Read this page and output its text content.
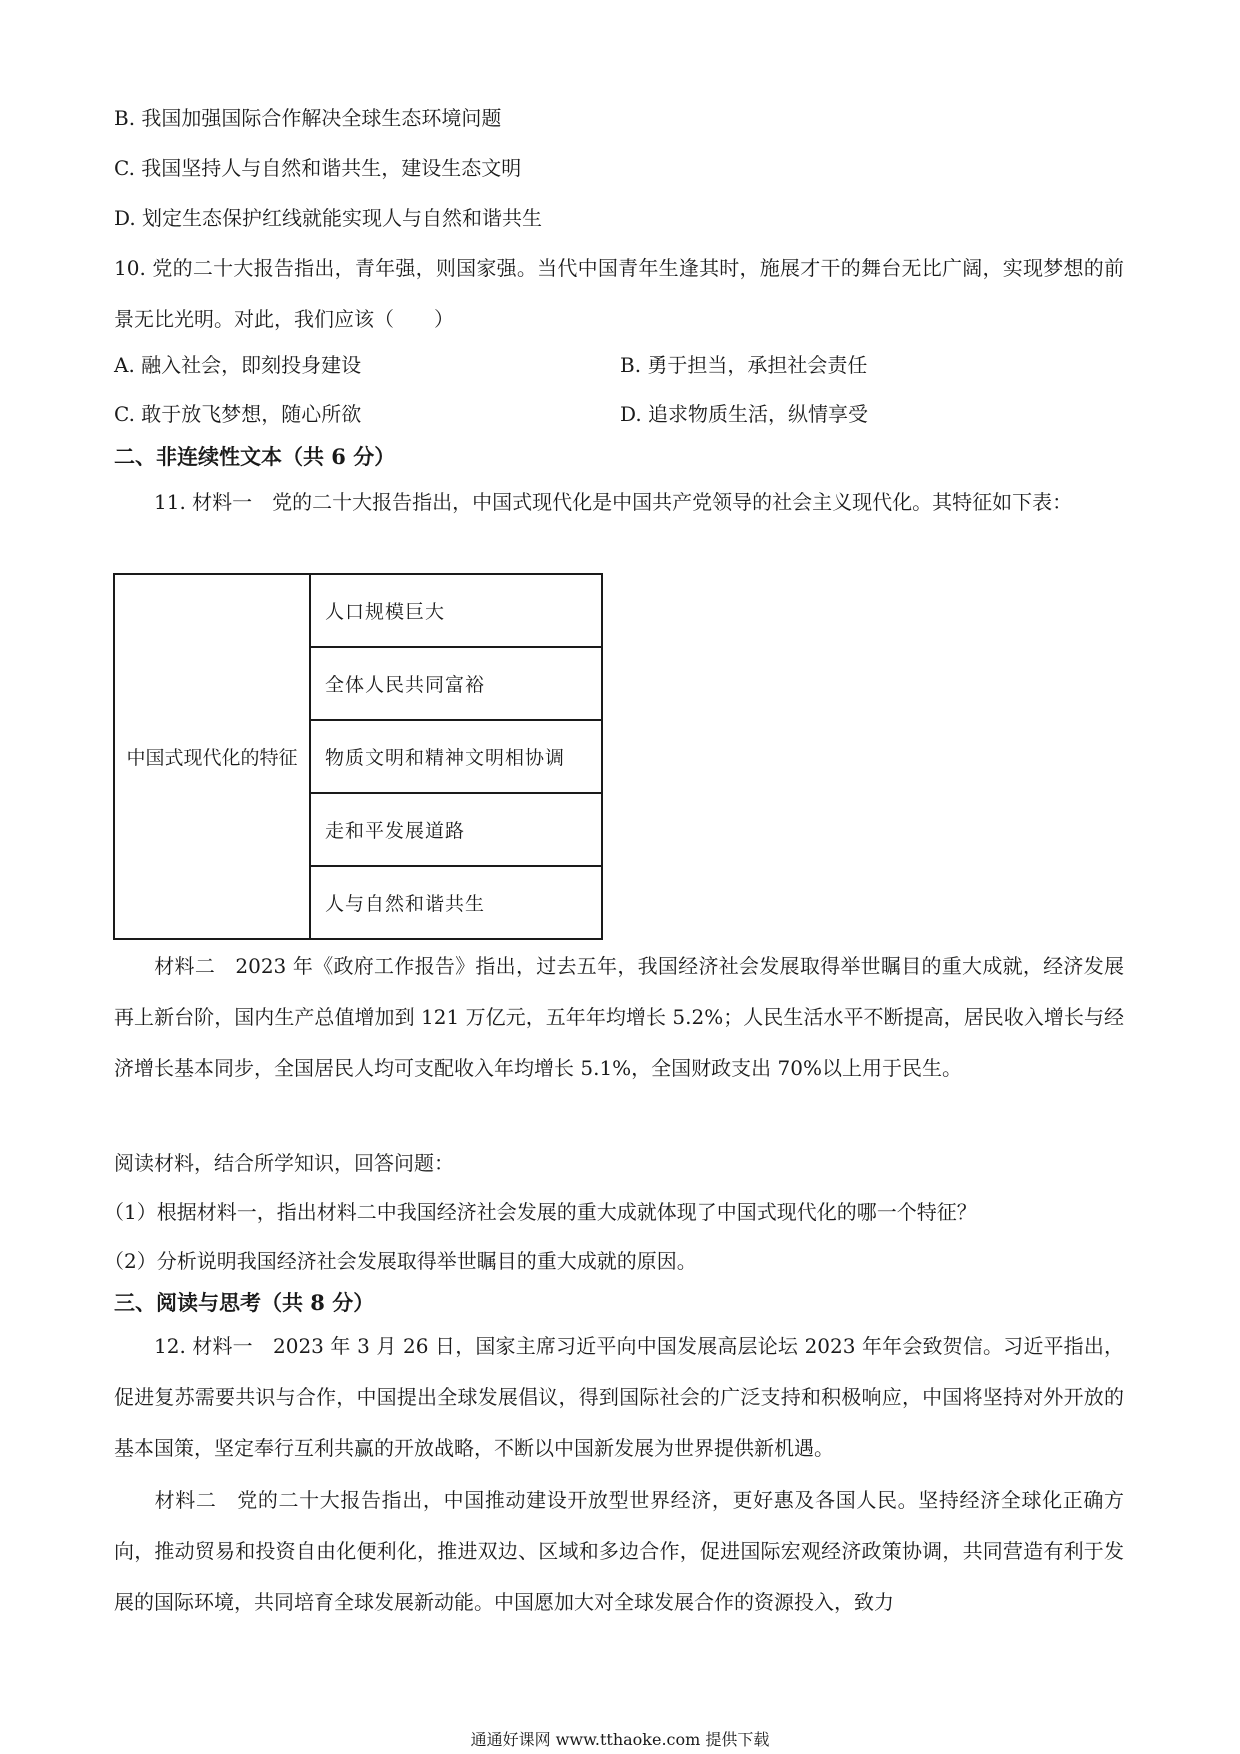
B. 我国加强国际合作解决全球生态环境问题
C. 我国坚持人与自然和谐共生，建设生态文明
D. 划定生态保护红线就能实现人与自然和谐共生
10. 党的二十大报告指出，青年强，则国家强。当代中国青年生逢其时，施展才干的舞台无比广阔，实现梦想的前景无比光明。对此，我们应该（　　）
A. 融入社会，即刻投身建设	B. 勇于担当，承担社会责任
C. 敢于放飞梦想，随心所欲	D. 追求物质生活，纵情享受
二、非连续性文本（共 6 分）
11. 材料一　党的二十大报告指出，中国式现代化是中国共产党领导的社会主义现代化。其特征如下表：
中国式现代化的特征	人口规模巨大
全体人民共同富裕
物质文明和精神文明相协调
走和平发展道路
人与自然和谐共生
材料二　2023 年《政府工作报告》指出，过去五年，我国经济社会发展取得举世瞩目的重大成就，经济发展再上新台阶，国内生产总值增加到 121 万亿元，五年年均增长 5.2%；人民生活水平不断提高，居民收入增长与经济增长基本同步，全国居民人均可支配收入年均增长 5.1%，全国财政支出 70%以上用于民生。
阅读材料，结合所学知识，回答问题：
（1）根据材料一，指出材料二中我国经济社会发展的重大成就体现了中国式现代化的哪一个特征？
（2）分析说明我国经济社会发展取得举世瞩目的重大成就的原因。
三、阅读与思考（共 8 分）
12. 材料一　2023 年 3 月 26 日，国家主席习近平向中国发展高层论坛 2023 年年会致贺信。习近平指出，促进复苏需要共识与合作，中国提出全球发展倡议，得到国际社会的广泛支持和积极响应，中国将坚持对外开放的基本国策，坚定奉行互利共赢的开放战略，不断以中国新发展为世界提供新机遇。
材料二　党的二十大报告指出，中国推动建设开放型世界经济，更好惠及各国人民。坚持经济全球化正确方向，推动贸易和投资自由化便利化，推进双边、区域和多边合作，促进国际宏观经济政策协调，共同营造有利于发展的国际环境，共同培育全球发展新动能。中国愿加大对全球发展合作的资源投入，致力
通通好课网 www.tthaoke.com 提供下载
